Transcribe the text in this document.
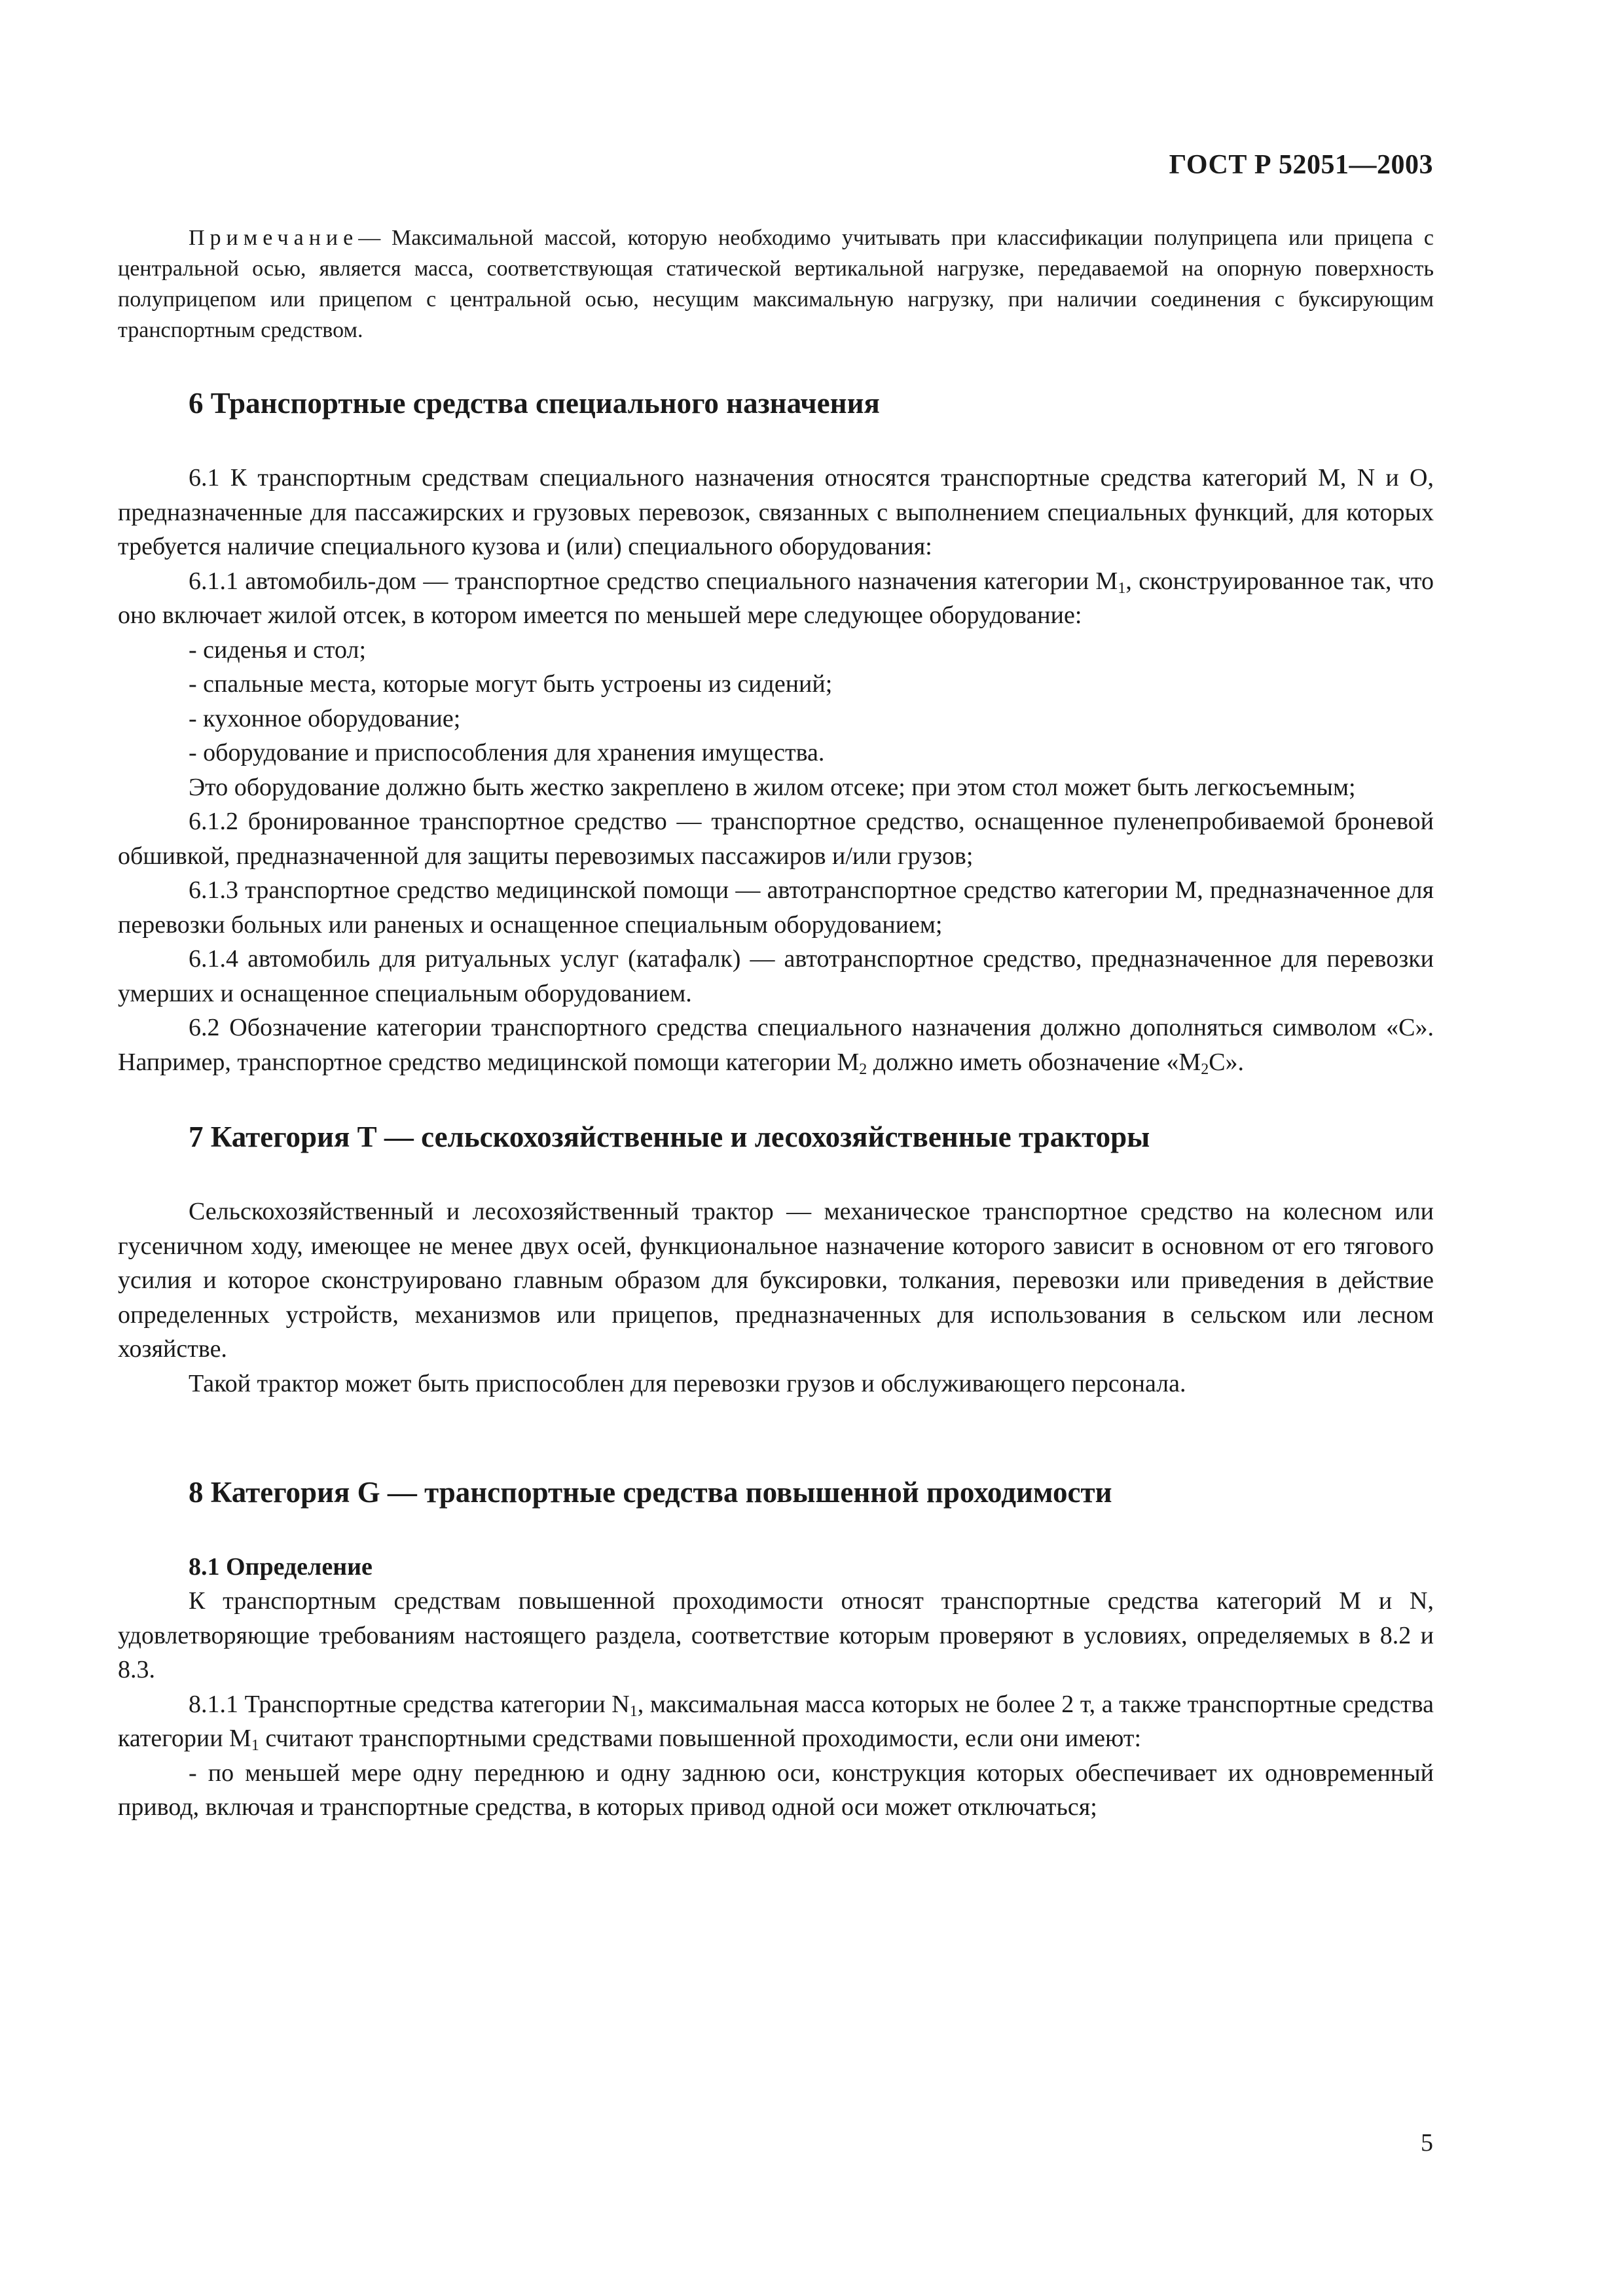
ГОСТ Р 52051—2003

Примечание— Максимальной массой, которую необходимо учитывать при классификации полуприцепа или прицепа с центральной осью, является масса, соответствующая статической вертикальной нагрузке, передаваемой на опорную поверхность полуприцепом или прицепом с центральной осью, несущим максимальную нагрузку, при наличии соединения с буксирующим транспортным средством.

6 Транспортные средства специального назначения

6.1 К транспортным средствам специального назначения относятся транспортные средства категорий М, N и О, предназначенные для пассажирских и грузовых перевозок, связанных с выполнением специальных функций, для которых требуется наличие специального кузова и (или) специального оборудования:

6.1.1 автомобиль-дом — транспортное средство специального назначения категории $М_1$, сконструированное так, что оно включает жилой отсек, в котором имеется по меньшей мере следующее оборудование:

- сиденья и стол;

- спальные места, которые могут быть устроены из сидений;

- кухонное оборудование;

- оборудование и приспособления для хранения имущества.

Это оборудование должно быть жестко закреплено в жилом отсеке; при этом стол может быть легкосъемным;

6.1.2 бронированное транспортное средство — транспортное средство, оснащенное пуленепробиваемой броневой обшивкой, предназначенной для защиты перевозимых пассажиров и/или грузов;

6.1.3 транспортное средство медицинской помощи — автотранспортное средство категории М, предназначенное для перевозки больных или раненых и оснащенное специальным оборудованием;

6.1.4 автомобиль для ритуальных услуг (катафалк) — автотранспортное средство, предназначенное для перевозки умерших и оснащенное специальным оборудованием.

6.2 Обозначение категории транспортного средства специального назначения должно дополняться символом «С». Например, транспортное средство медицинской помощи категории $М_2$ должно иметь обозначение «$М_2С$».

7 Категория Т — сельскохозяйственные и лесохозяйственные тракторы

Сельскохозяйственный и лесохозяйственный трактор — механическое транспортное средство на колесном или гусеничном ходу, имеющее не менее двух осей, функциональное назначение которого зависит в основном от его тягового усилия и которое сконструировано главным образом для буксировки, толкания, перевозки или приведения в действие определенных устройств, механизмов или прицепов, предназначенных для использования в сельском или лесном хозяйстве.

Такой трактор может быть приспособлен для перевозки грузов и обслуживающего персонала.

8 Категория G — транспортные средства повышенной проходимости
8.1 Определение

К транспортным средствам повышенной проходимости относят транспортные средства категорий M и N, удовлетворяющие требованиям настоящего раздела, соответствие которым проверяют в условиях, определяемых в 8.2 и 8.3.

8.1.1 Транспортные средства категории $N_1$, максимальная масса которых не более 2 т, а также транспортные средства категории $М_1$ считают транспортными средствами повышенной проходимости, если они имеют:

- по меньшей мере одну переднюю и одну заднюю оси, конструкция которых обеспечивает их одновременный привод, включая и транспортные средства, в которых привод одной оси может отключаться;

5
